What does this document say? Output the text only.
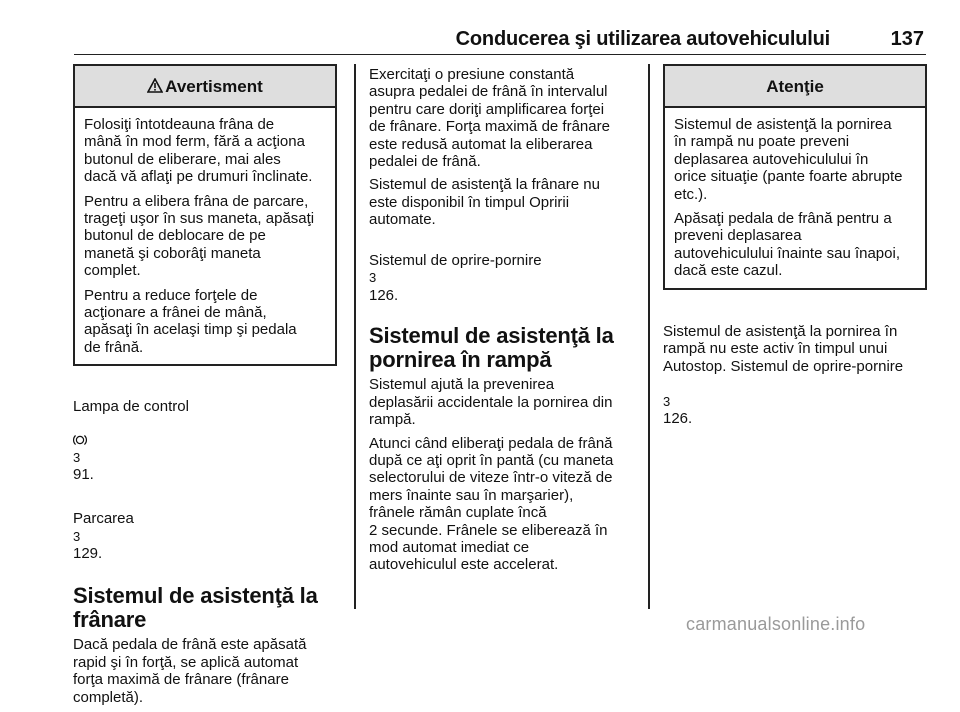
Conducerea şi utilizarea autovehiculului	137
Avertisment

Folosiţi întotdeauna frâna de
mână în mod ferm, fără a acţiona
butonul de eliberare, mai ales
dacă vă aflaţi pe drumuri înclinate.

Pentru a elibera frâna de parcare,
trageţi uşor în sus maneta, apăsaţi
butonul de deblocare de pe
manetă şi coborâţi maneta
complet.

Pentru a reduce forţele de
acţionare a frânei de mână,
apăsaţi în acelaşi timp şi pedala
de frână.

Lampa de control

3
91.

Parcarea
3
129.

Sistemul de asistenţă la
frânare

Dacă pedala de frână este apăsată
rapid şi în forţă, se aplică automat
forţa maximă de frânare (frânare
completă).

Exercitaţi o presiune constantă
asupra pedalei de frână în intervalul
pentru care doriţi amplificarea forţei
de frânare. Forţa maximă de frânare
este redusă automat la eliberarea
pedalei de frână.

Sistemul de asistenţă la frânare nu
este disponibil în timpul Opririi
automate.

Sistemul de oprire-pornire
3
126.

Sistemul de asistenţă la
pornirea în rampă

Sistemul ajută la prevenirea
deplasării accidentale la pornirea din
rampă.

Atunci când eliberaţi pedala de frână
după ce aţi oprit în pantă (cu maneta
selectorului de viteze într-o viteză de
mers înainte sau în marşarier),
frânele rămân cuplate încă
2 secunde. Frânele se eliberează în
mod automat imediat ce
autovehiculul este accelerat.

Atenţie

Sistemul de asistenţă la pornirea
în rampă nu poate preveni
deplasarea autovehiculului în
orice situaţie (pante foarte abrupte
etc.).

Apăsaţi pedala de frână pentru a
preveni deplasarea
autovehiculului înainte sau înapoi,
dacă este cazul.

Sistemul de asistenţă la pornirea în
rampă nu este activ în timpul unui
Autostop. Sistemul de oprire-pornire

3
126.

carmanualsonline.info
